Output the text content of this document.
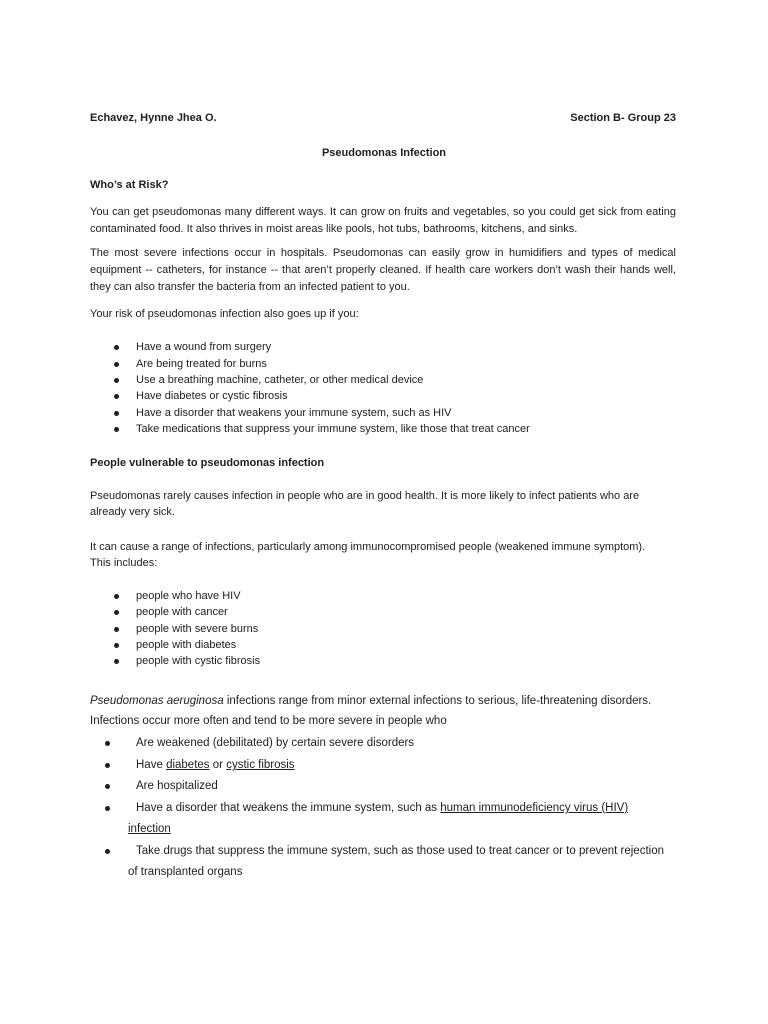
Echavez, Hynne Jhea O.	Section B- Group 23
Pseudomonas Infection
Who’s at Risk?
You can get pseudomonas many different ways. It can grow on fruits and vegetables, so you could get sick from eating
contaminated food. It also thrives in moist areas like pools, hot tubs, bathrooms, kitchens, and sinks.
The most severe infections occur in hospitals. Pseudomonas can easily grow in humidifiers and types of medical
equipment -- catheters, for instance -- that aren’t properly cleaned. If health care workers don’t wash their hands well,
they can also transfer the bacteria from an infected patient to you.
Your risk of pseudomonas infection also goes up if you:
Have a wound from surgery
Are being treated for burns
Use a breathing machine, catheter, or other medical device
Have diabetes or cystic fibrosis
Have a disorder that weakens your immune system, such as HIV
Take medications that suppress your immune system, like those that treat cancer
People vulnerable to pseudomonas infection
Pseudomonas rarely causes infection in people who are in good health. It is more likely to infect patients who are
already very sick.
It can cause a range of infections, particularly among immunocompromised people (weakened immune symptom).
This includes:
people who have HIV
people with cancer
people with severe burns
people with diabetes
people with cystic fibrosis
Pseudomonas aeruginosa infections range from minor external infections to serious, life-threatening disorders.
Infections occur more often and tend to be more severe in people who
Are weakened (debilitated) by certain severe disorders
Have diabetes or cystic fibrosis
Are hospitalized
Have a disorder that weakens the immune system, such as human immunodeficiency virus (HIV)
infection
Take drugs that suppress the immune system, such as those used to treat cancer or to prevent rejection
of transplanted organs
